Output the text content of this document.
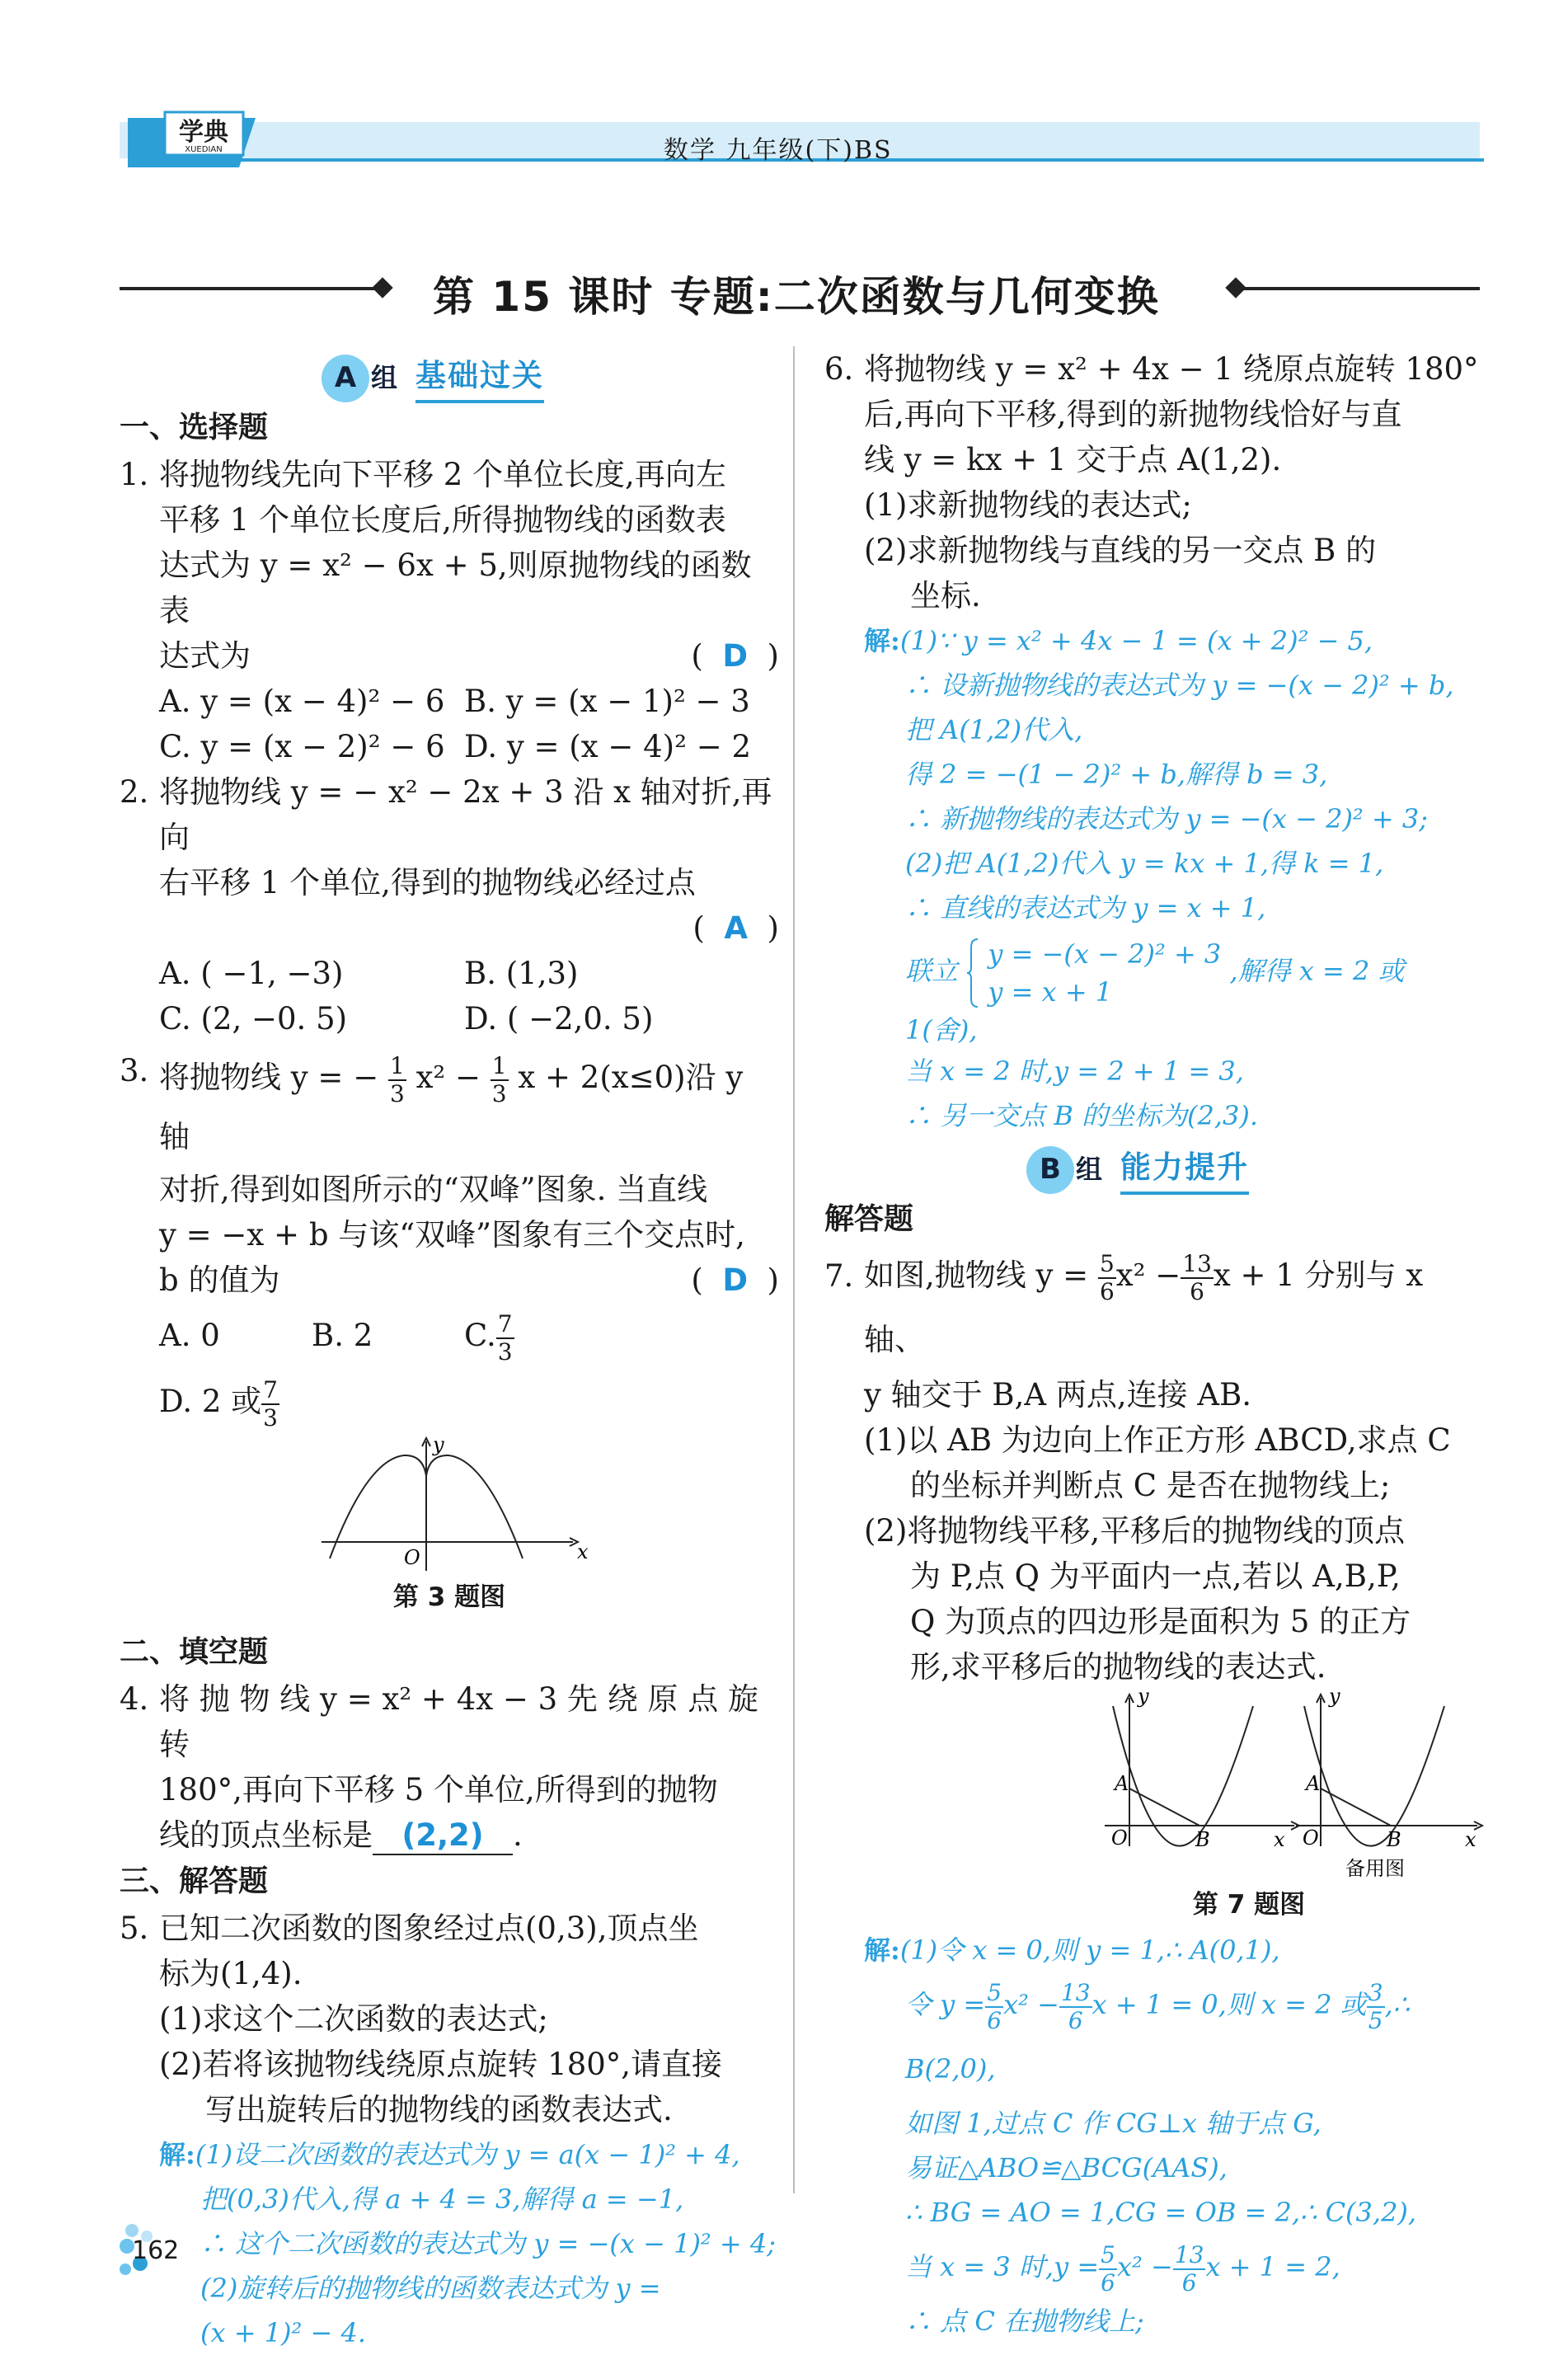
学典
XUEDIAN	数学 九年级(下)BS
第 15 课时 专题:二次函数与几何变换
A 组 基础过关
一、选择题
1. 将抛物线先向下平移 2 个单位长度,再向左

平移 1 个单位长度后,所得抛物线的函数表

达式为 y = x² − 6x + 5,则原抛物线的函数表

达式为	(  D  )

A. y = (x − 4)² − 6 B. y = (x − 1)² − 3
C. y = (x − 2)² − 6 D. y = (x − 4)² − 2
2. 将抛物线 y = − x² − 2x + 3 沿 x 轴对折,再向

右平移 1 个单位,得到的抛物线必经过点

(  A  )

A. ( −1, −3)	B. (1,3)
C. (2, −0. 5)	D. ( −2,0. 5)
3. 将抛物线 y = − $\frac{1}{3} x^2 - \frac{1}{3}$ x + 2(x≤0)沿 y 轴

对折,得到如图所示的“双峰”图象. 当直线

y = −x + b 与该“双峰”图象有三个交点时,

b 的值为	(  D  )

A. 0	B. 2	C. $\frac{7}{3}$
D. 2 或 $\frac{7}{3}$
y
x
O
第 3 题图
二、填空题
4. 将 抛 物 线 y = x² + 4x − 3 先 绕 原 点 旋 转

180°,再向下平移 5 个单位,所得到的抛物

线的顶点坐标是 (2,2) .

三、解答题
5. 已知二次函数的图象经过点(0,3),顶点坐

标为(1,4).

(1)求这个二次函数的表达式;

(2)若将该抛物线绕原点旋转 180°,请直接

写出旋转后的抛物线的函数表达式.

解:(1)设二次函数的表达式为 y = a(x − 1)² + 4,

把(0,3)代入,得 a + 4 = 3,解得 a = −1,

∴ 这个二次函数的表达式为 y = −(x − 1)² + 4;

(2)旋转后的抛物线的函数表达式为 y =

(x + 1)² − 4.

6. 将抛物线 y = x² + 4x − 1 绕原点旋转 180°

后,再向下平移,得到的新抛物线恰好与直

线 y = kx + 1 交于点 A(1,2).

(1)求新抛物线的表达式;

(2)求新抛物线与直线的另一交点 B 的

坐标.

解:(1)∵ y = x² + 4x − 1 = (x + 2)² − 5,

∴ 设新抛物线的表达式为 y = −(x − 2)² + b,

把 A(1,2)代入,

得 2 = −(1 − 2)² + b,解得 b = 3,

∴ 新抛物线的表达式为 y = −(x − 2)² + 3;

(2)把 A(1,2)代入 y = kx + 1,得 k = 1,

∴ 直线的表达式为 y = x + 1,

联立
y = −(x − 2)² + 3
y = x + 1
,解得 x = 2 或 1(舍),

当 x = 2 时,y = 2 + 1 = 3,

∴ 另一交点 B 的坐标为(2,3).

B 组 能力提升
解答题
7. 如图,抛物线 $y = \frac{5}{6} x^2 - \frac{13}{6}$ x + 1 分别与 x 轴、

y 轴交于 B,A 两点,连接 AB.

(1)以 AB 为边向上作正方形 ABCD,求点 C

的坐标并判断点 C 是否在抛物线上;

(2)将抛物线平移,平移后的抛物线的顶点

为 P,点 Q 为平面内一点,若以 A,B,P,

Q 为顶点的四边形是面积为 5 的正方

形,求平移后的抛物线的表达式.

y
x
O
A
B
y
x
O
A
B
备用图
第 7 题图

解:(1)令 x = 0,则 y = 1,∴ A(0,1),

令 $y = \frac{5}{6} x^2 - \frac{13}{6}$ x + 1 = 0,则 x = 2 或 $\frac{3}{5}$ ,∴ B(2,0),

如图 1,过点 C 作 CG⊥x 轴于点 G,

易证△ABO≌△BCG(AAS),

∴ BG = AO = 1,CG = OB = 2,∴ C(3,2),

当 x = 3 时$,y = \frac{5}{6} x^2 - \frac{13}{6}$ x + 1 = 2,

∴ 点 C 在抛物线上;

162
